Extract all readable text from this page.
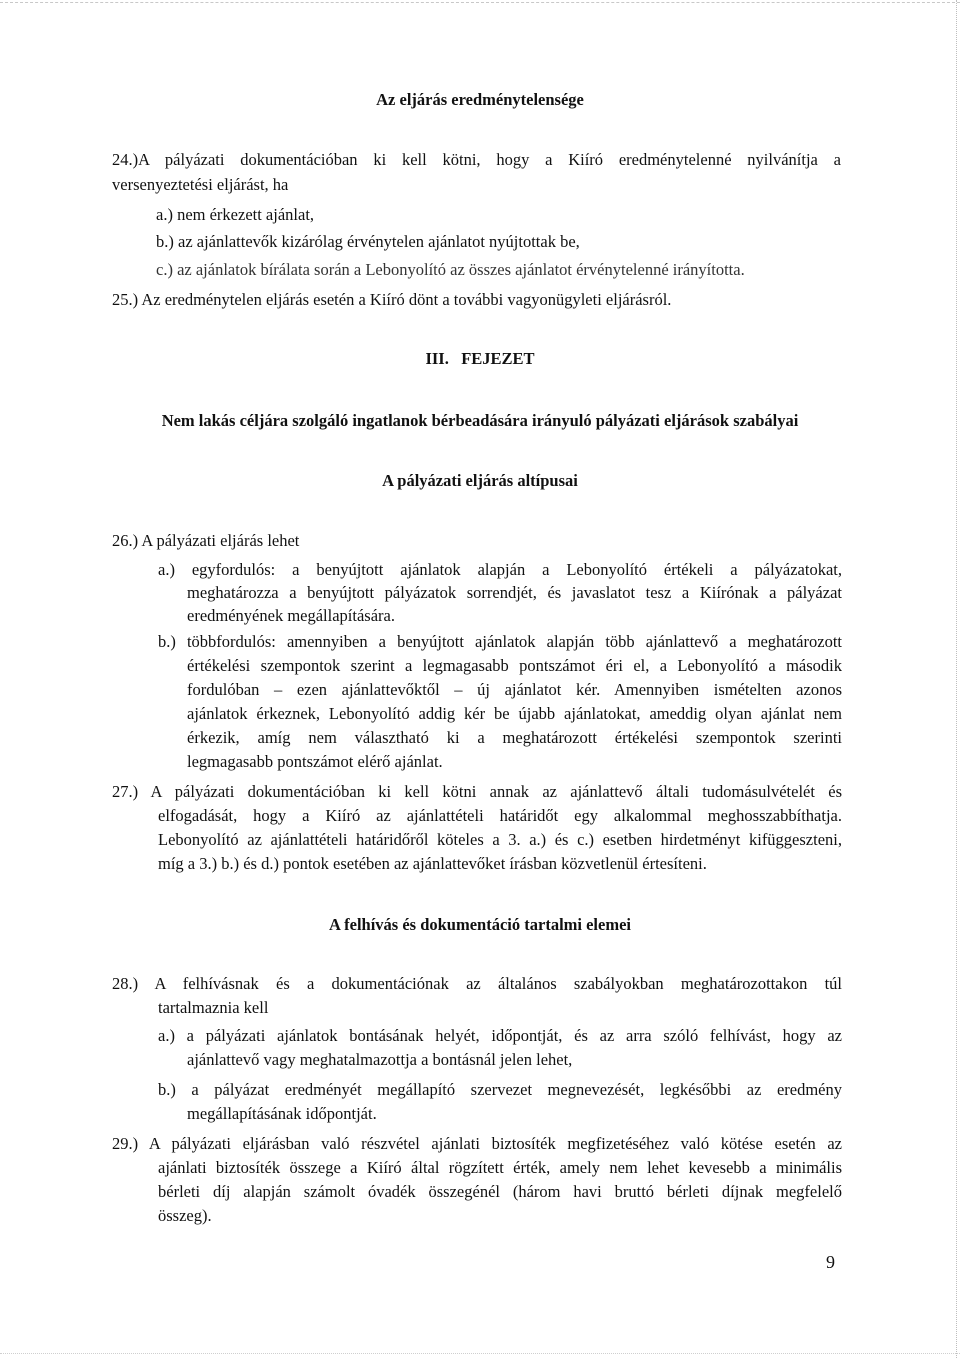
Az eljárás eredménytelensége
24.)A pályázati dokumentációban ki kell kötni, hogy a Kiíró eredménytelenné nyilvánítja a
versenyeztetési eljárást, ha
a.) nem érkezett ajánlat,
b.) az ajánlattevők kizárólag érvénytelen ajánlatot nyújtottak be,
c.) az ajánlatok bírálata során a Lebonyolító az összes ajánlatot érvénytelenné irányította.
25.) Az eredménytelen eljárás esetén a Kiíró dönt a további vagyonügyleti eljárásról.
III. FEJEZET
Nem lakás céljára szolgáló ingatlanok bérbeadására irányuló pályázati eljárások szabályai
A pályázati eljárás altípusai
26.) A pályázati eljárás lehet
a.) egyfordulós: a benyújtott ajánlatok alapján a Lebonyolító értékeli a pályázatokat,
meghatározza a benyújtott pályázatok sorrendjét, és javaslatot tesz a Kiírónak a pályázat
eredményének megállapítására.
b.) többfordulós: amennyiben a benyújtott ajánlatok alapján több ajánlattevő a meghatározott
értékelési szempontok szerint a legmagasabb pontszámot éri el, a Lebonyolító a második
fordulóban – ezen ajánlattevőktől – új ajánlatot kér. Amennyiben ismételten azonos
ajánlatok érkeznek, Lebonyolító addig kér be újabb ajánlatokat, ameddig olyan ajánlat nem
érkezik, amíg nem választható ki a meghatározott értékelési szempontok szerinti
legmagasabb pontszámot elérő ajánlat.
27.) A pályázati dokumentációban ki kell kötni annak az ajánlattevő általi tudomásulvételét és
elfogadását, hogy a Kiíró az ajánlattételi határidőt egy alkalommal meghosszabbíthatja.
Lebonyolító az ajánlattételi határidőről köteles a 3. a.) és c.) esetben hirdetményt kifüggeszteni,
míg a 3.) b.) és d.) pontok esetében az ajánlattevőket írásban közvetlenül értesíteni.
A felhívás és dokumentáció tartalmi elemei
28.) A felhívásnak és a dokumentációnak az általános szabályokban meghatározottakon túl
tartalmaznia kell
a.) a pályázati ajánlatok bontásának helyét, időpontját, és az arra szóló felhívást, hogy az
ajánlattevő vagy meghatalmazottja a bontásnál jelen lehet,
b.) a pályázat eredményét megállapító szervezet megnevezését, legkésőbbi az eredmény
megállapításának időpontját.
29.) A pályázati eljárásban való részvétel ajánlati biztosíték megfizetéséhez való kötése esetén az
ajánlati biztosíték összege a Kiíró által rögzített érték, amely nem lehet kevesebb a minimális
bérleti díj alapján számolt óvadék összegénél (három havi bruttó bérleti díjnak megfelelő
összeg).
9
